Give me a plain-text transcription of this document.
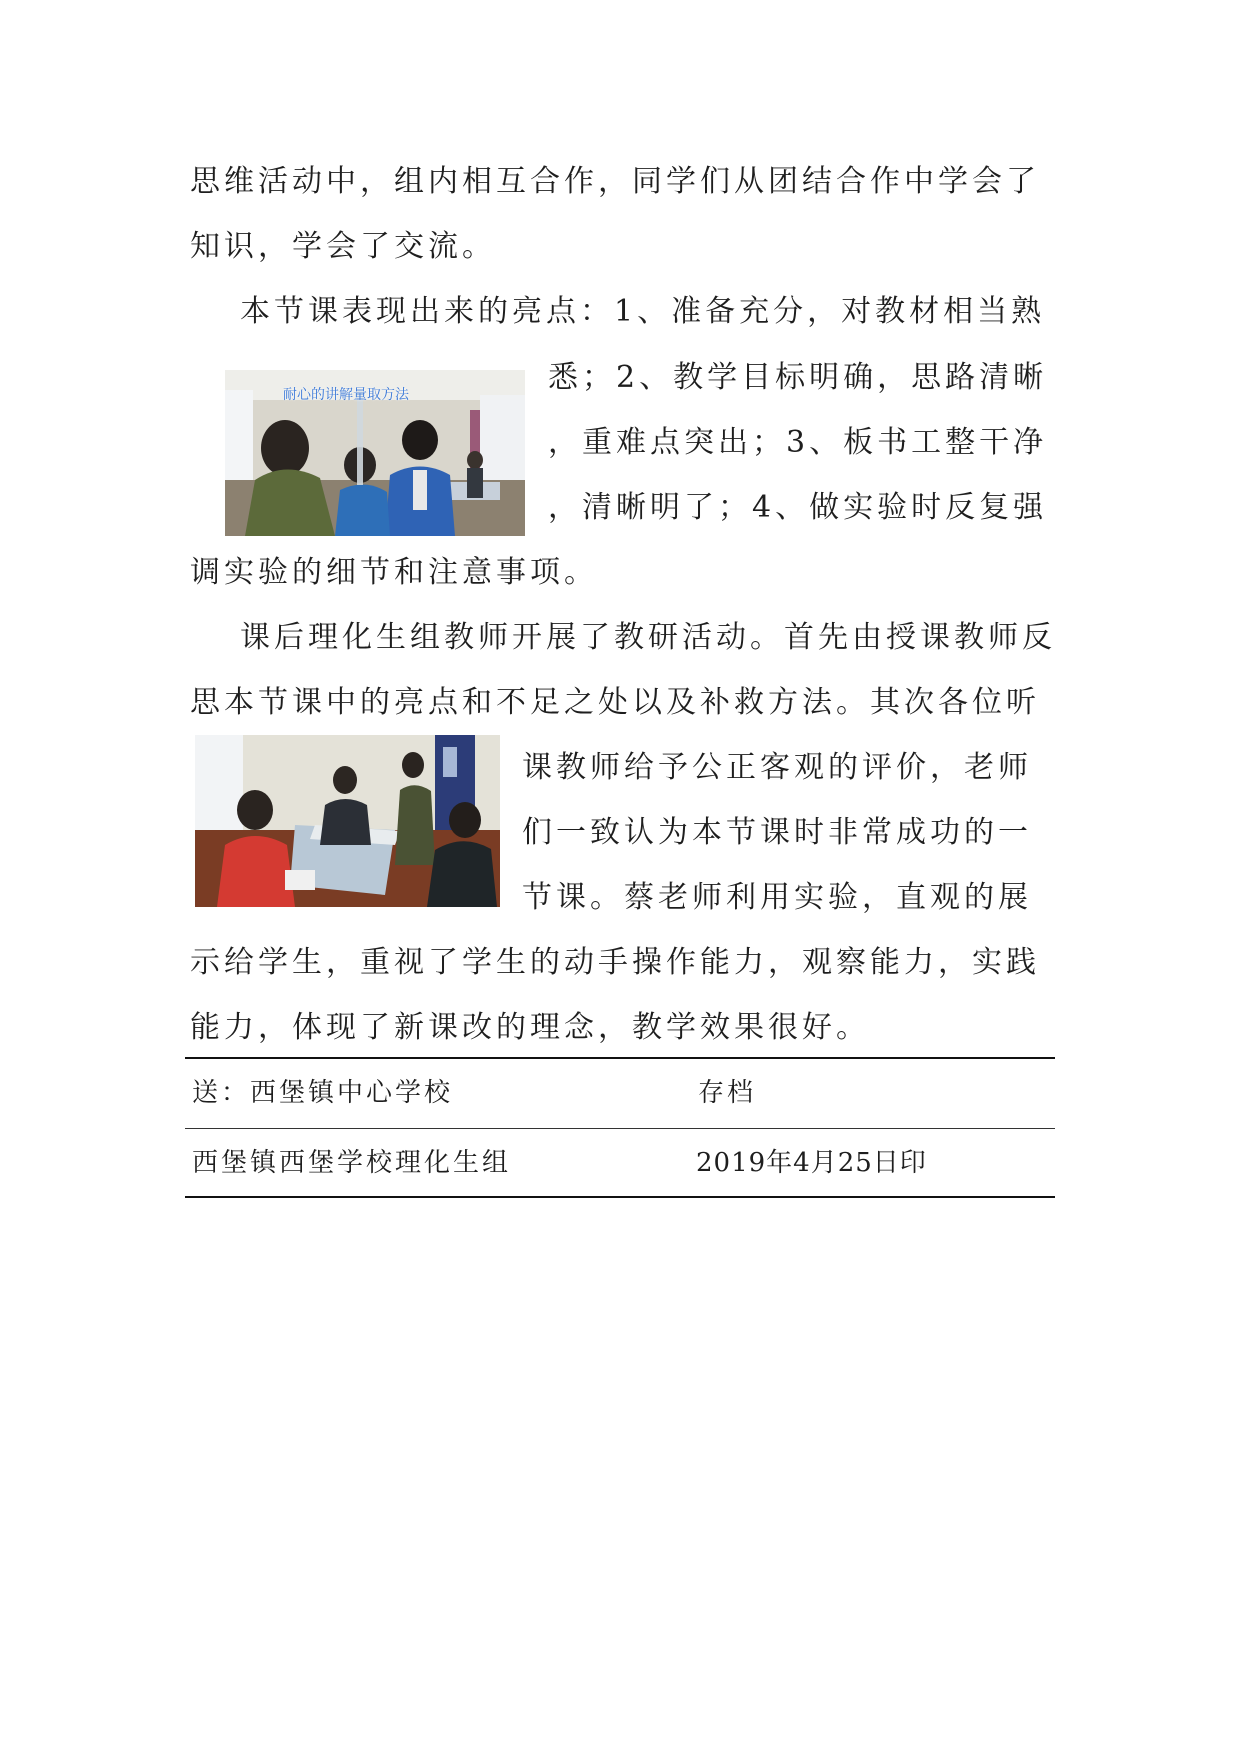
思维活动中，组内相互合作，同学们从团结合作中学会了
知识，学会了交流。
本节课表现出来的亮点：1、准备充分，对教材相当熟
耐心的讲解量取方法	悉；2、教学目标明确，思路清晰
，重难点突出；3、板书工整干净
，清晰明了；4、做实验时反复强
调实验的细节和注意事项。
课后理化生组教师开展了教研活动。首先由授课教师反
思本节课中的亮点和不足之处以及补救方法。其次各位听
课教师给予公正客观的评价，老师
们一致认为本节课时非常成功的一
节课。蔡老师利用实验，直观的展
示给学生，重视了学生的动手操作能力，观察能力，实践
能力，体现了新课改的理念，教学效果很好。
送：西堡镇中心学校	存档
西堡镇西堡学校理化生组	2019年4月25日印
